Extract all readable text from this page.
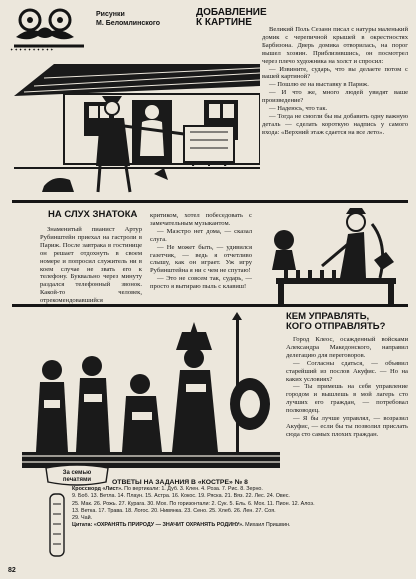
✦ ✦ ✦ ✦ ✦ ✦ ✦ ✦ ✦ ✦
Рисунки
М. Беломлинского
ДОБАВЛЕНИЕ
К КАРТИНЕ

Великий Поль Сезанн писал с натуры маленький домик с черепичной крышей в окрестностях Барбизона. Дверь домика отворилась, на порог вышел хозяин. Приблизившись, он посмотрел через плечо художника на холст и спросил:

— Извините, сударь, что вы делаете потом с вашей картиной?

— Пошлю ее на выставку в Париж.

— И что же, много людей увидят ваше произведение?

— Надеюсь, что так.

— Тогда не смогли бы вы добавить одну важную деталь — сделать короткую надпись у самого входа: «Верхний этаж сдается на все лето».

НА СЛУХ ЗНАТОКА

Знаменитый пианист Артур Рубинштейн приехал на гастроли в Париж. После завтрака в гостинице он решает отдохнуть в своем номере и попросил служитель ни в коем случае не звать его к телефону. Буквально через минуту раздался телефонный звонок. Какой-то человек, отрекомендовавшийся

критиком, хотел побеседовать с замечательным музыкантом.

— Маэстро нет дома, — сказал слуга.

— Не может быть, — удивился газетчик, — ведь я отчетливо слышу, как он играет. Уж игру Рубинштейна я ни с чем не спутаю!

— Это не совсем так, сударь, — просто я вытираю пыль с клавиш!

КЕМ УПРАВЛЯТЬ,
КОГО ОТПРАВЛЯТЬ?

Город Клеос, осажденный войсками Александра Македонского, направил делегацию для переговоров.

— Согласны сдаться, — объявил старейший из послов Акуфис. — Но на каких условиях?

— Ты примешь на себя управление городом и вышлешь в мой лагерь сто лучших его граждан, — потребовал полководец.

— Я бы лучше управлял, — возразил Акуфис, — если бы ты позволил прислать сюда сто самых плохих граждан.

За семью
печатями	ОТВЕТЫ НА ЗАДАНИЯ В «КОСТРЕ» № 8
Кроссворд «Лист». По вертикали: 1. Дуб. 3. Клен. 4. Роза. 7. Рис. 8. Зерно.
9. Боб. 13. Ветла. 14. Плаун. 15. Астра. 16. Кокос. 19. Ряска. 21. Вяз. 22. Лес. 24. Овес.
25. Мак. 26. Рожь. 27. Курага. 30. Мох. По горизонтали: 2. Сук. 5. Ель. 6. Мох. 11. Пион. 12. Алоэ.
13. Ветка. 17. Трава. 18. Логос. 20. Нивянка. 23. Сено. 25. Хлеб. 26. Лен. 27. Соя.
29. Чай.
Цитата: «ОХРАНЯТЬ ПРИРОДУ — ЗНАЧИТ ОХРАНЯТЬ РОДИНУ». Михаил Пришвин.
82
